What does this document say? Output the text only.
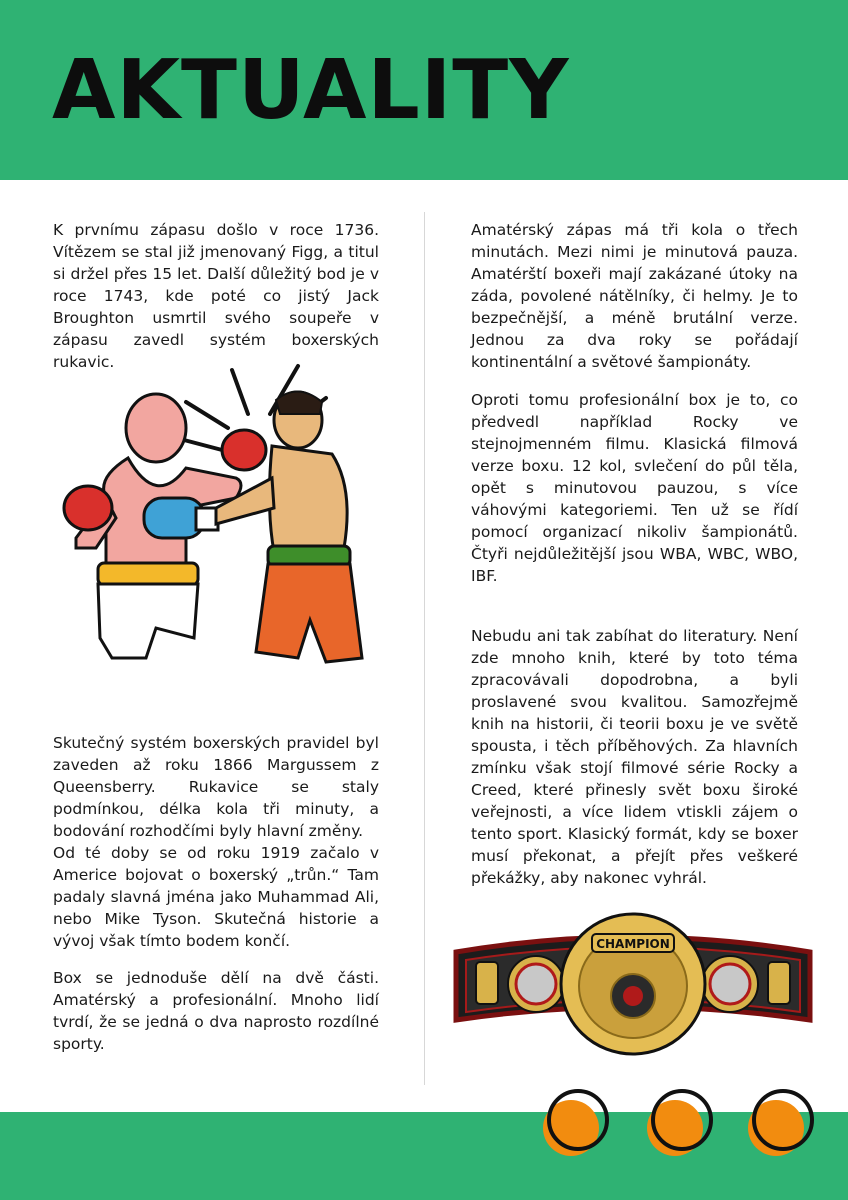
AKTUALITY

K prvnímu zápasu došlo v roce 1736. Vítězem se stal již jmenovaný Figg, a titul si držel přes 15 let. Další důležitý bod je v roce 1743, kde poté co jistý Jack Broughton usmrtil svého soupeře v zápasu zavedl systém boxerských rukavic.

Skutečný systém boxerských pravidel byl zaveden až roku 1866 Margussem z Queensberry. Rukavice se staly podmínkou, délka kola tři minuty, a bodování rozhodčími byly hlavní změny.
Od té doby se od roku 1919 začalo v Americe bojovat o boxerský „trůn.“ Tam padaly slavná jména jako Muhammad Ali, nebo Mike Tyson. Skutečná historie a vývoj však tímto bodem končí.

Box se jednoduše dělí na dvě části. Amatérský a profesionální. Mnoho lidí tvrdí, že se jedná o dva naprosto rozdílné sporty.

Amatérský zápas má tři kola o třech minutách. Mezi nimi je minutová pauza. Amatérští boxeři mají zakázané útoky na záda, povolené nátělníky, či helmy. Je to bezpečnější, a méně brutální verze. Jednou za dva roky se pořádají kontinentální a světové šampionáty.

Oproti tomu profesionální box je to, co předvedl například Rocky ve stejnojmenném filmu. Klasická filmová verze boxu. 12 kol, svlečení do půl těla, opět s minutovou pauzou, s více váhovými kategoriemi. Ten už se řídí pomocí organizací nikoliv šampionátů. Čtyři nejdůležitější jsou WBA, WBC, WBO, IBF.

Nebudu ani tak zabíhat do literatury. Není zde mnoho knih, které by toto téma zpracovávali dopodrobna, a byli proslavené svou kvalitou. Samozřejmě knih na historii, či teorii boxu je ve světě spousta, i těch příběhových. Za hlavních zmínku však stojí filmové série Rocky a Creed, které přinesly svět boxu široké veřejnosti, a více lidem vtiskli zájem o tento sport. Klasický formát, kdy se boxer musí překonat, a přejít přes veškeré překážky, aby nakonec vyhrál.

CHAMPION
